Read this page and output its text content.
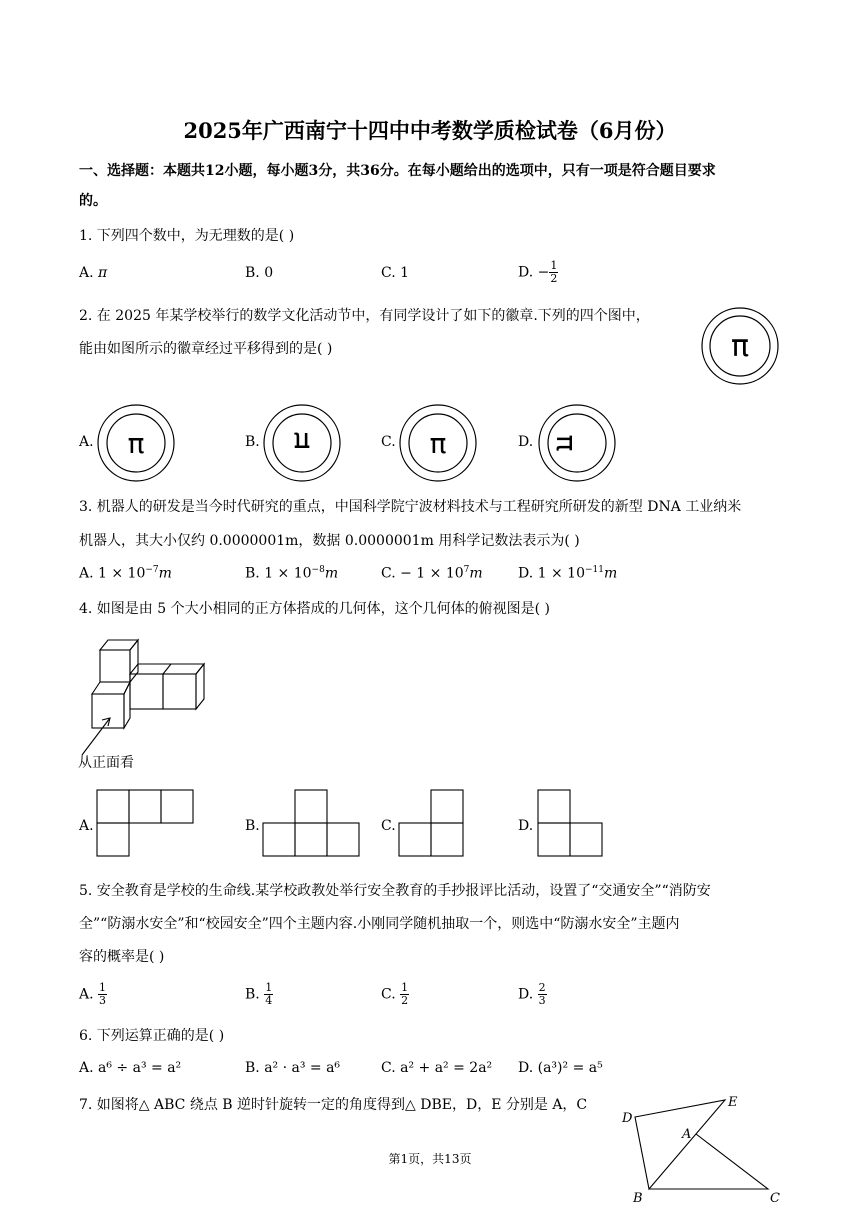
2025年广西南宁十四中中考数学质检试卷（6月份）
一、选择题：本题共12小题，每小题3分，共36分。在每小题给出的选项中，只有一项是符合题目要求
的。
1. 下列四个数中，为无理数的是( )
A. π	B. 0	C. 1	D. − $\frac{1}{2}$
2. 在 2025 年某学校举行的数学文化活动节中，有同学设计了如下的徽章.下列的四个图中，
能由如图所示的徽章经过平移得到的是( )	π
A. π	B. π	C. π	D. π
3. 机器人的研发是当今时代研究的重点，中国科学院宁波材料技术与工程研究所研发的新型 DNA 工业纳米
机器人，其大小仅约 0.0000001m，数据 0.0000001m 用科学记数法表示为( )
A. $1 \times 10^{-7}m$	B. $1 \times 10^{-8}m$	C. − $1 \times 10^7m$	D. $1 \times 10^{-11}m$
4. 如图是由 5 个大小相同的正方体搭成的几何体，这个几何体的俯视图是( )
从正面看
A.	B.	C.	D.
5. 安全教育是学校的生命线.某学校政教处举行安全教育的手抄报评比活动，设置了“交通安全”“消防安
全”“防溺水安全”和“校园安全”四个主题内容.小刚同学随机抽取一个，则选中“防溺水安全”主题内
容的概率是( )
A. $\frac{1}{3}$	B. $\frac{1}{4}$	C. $\frac{1}{2}$	D. $\frac{2}{3}$
6. 下列运算正确的是( )
A. a⁶ ÷ a³ = a²	B. a² · a³ = a⁶	C. a² + a² = 2a² D. (a³)² = a⁵
7. 如图将△ ABC 绕点 B 逆时针旋转一定的角度得到△ DBE，D，E 分别是 A，C
D
E
A
B	C
第1页，共13页
